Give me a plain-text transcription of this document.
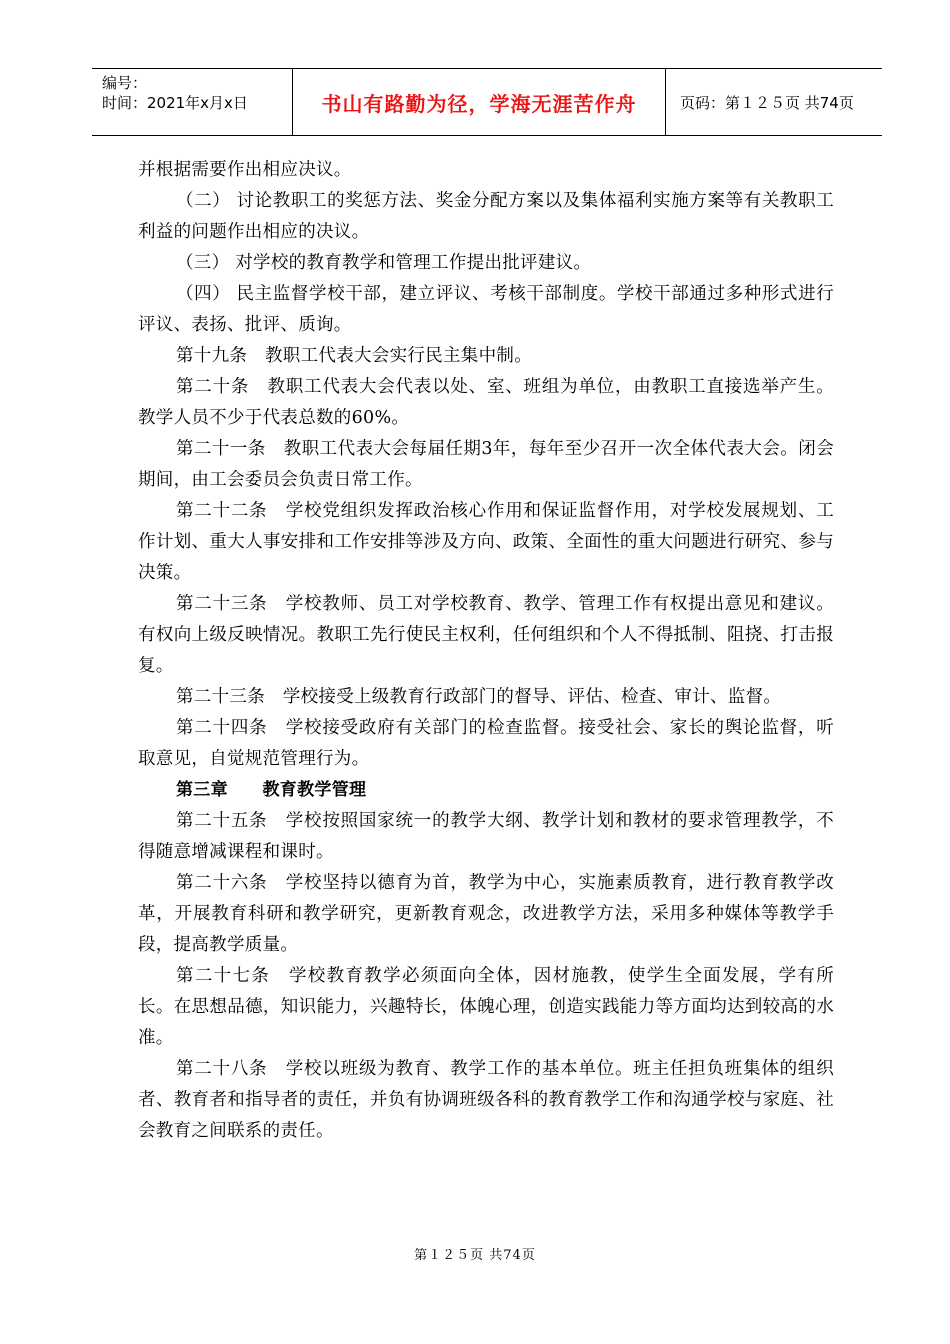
编号：
时间：2021年x月x日	书山有路勤为径，学海无涯苦作舟	页码：第１２５页 共74页

并根据需要作出相应决议。

（二） 讨论教职工的奖惩方法、奖金分配方案以及集体福利实施方案等有关教职工利益的问题作出相应的决议。

（三） 对学校的教育教学和管理工作提出批评建议。

（四） 民主监督学校干部，建立评议、考核干部制度。学校干部通过多种形式进行评议、表扬、批评、质询。

第十九条　教职工代表大会实行民主集中制。

第二十条　教职工代表大会代表以处、室、班组为单位，由教职工直接选举产生。教学人员不少于代表总数的60%。

第二十一条　教职工代表大会每届任期3年，每年至少召开一次全体代表大会。闭会期间，由工会委员会负责日常工作。

第二十二条　学校党组织发挥政治核心作用和保证监督作用，对学校发展规划、工作计划、重大人事安排和工作安排等涉及方向、政策、全面性的重大问题进行研究、参与决策。

第二十三条　学校教师、员工对学校教育、教学、管理工作有权提出意见和建议。有权向上级反映情况。教职工先行使民主权利，任何组织和个人不得抵制、阻挠、打击报复。

第二十三条　学校接受上级教育行政部门的督导、评估、检查、审计、监督。

第二十四条　学校接受政府有关部门的检查监督。接受社会、家长的舆论监督，听取意见，自觉规范管理行为。

第三章　　教育教学管理

第二十五条　学校按照国家统一的教学大纲、教学计划和教材的要求管理教学，不得随意增减课程和课时。

第二十六条　学校坚持以德育为首，教学为中心，实施素质教育，进行教育教学改革，开展教育科研和教学研究，更新教育观念，改进教学方法，采用多种媒体等教学手段，提高教学质量。

第二十七条　学校教育教学必须面向全体，因材施教，使学生全面发展，学有所长。在思想品德，知识能力，兴趣特长，体魄心理，创造实践能力等方面均达到较高的水准。

第二十八条　学校以班级为教育、教学工作的基本单位。班主任担负班集体的组织者、教育者和指导者的责任，并负有协调班级各科的教育教学工作和沟通学校与家庭、社会教育之间联系的责任。

第１２５页 共74页
